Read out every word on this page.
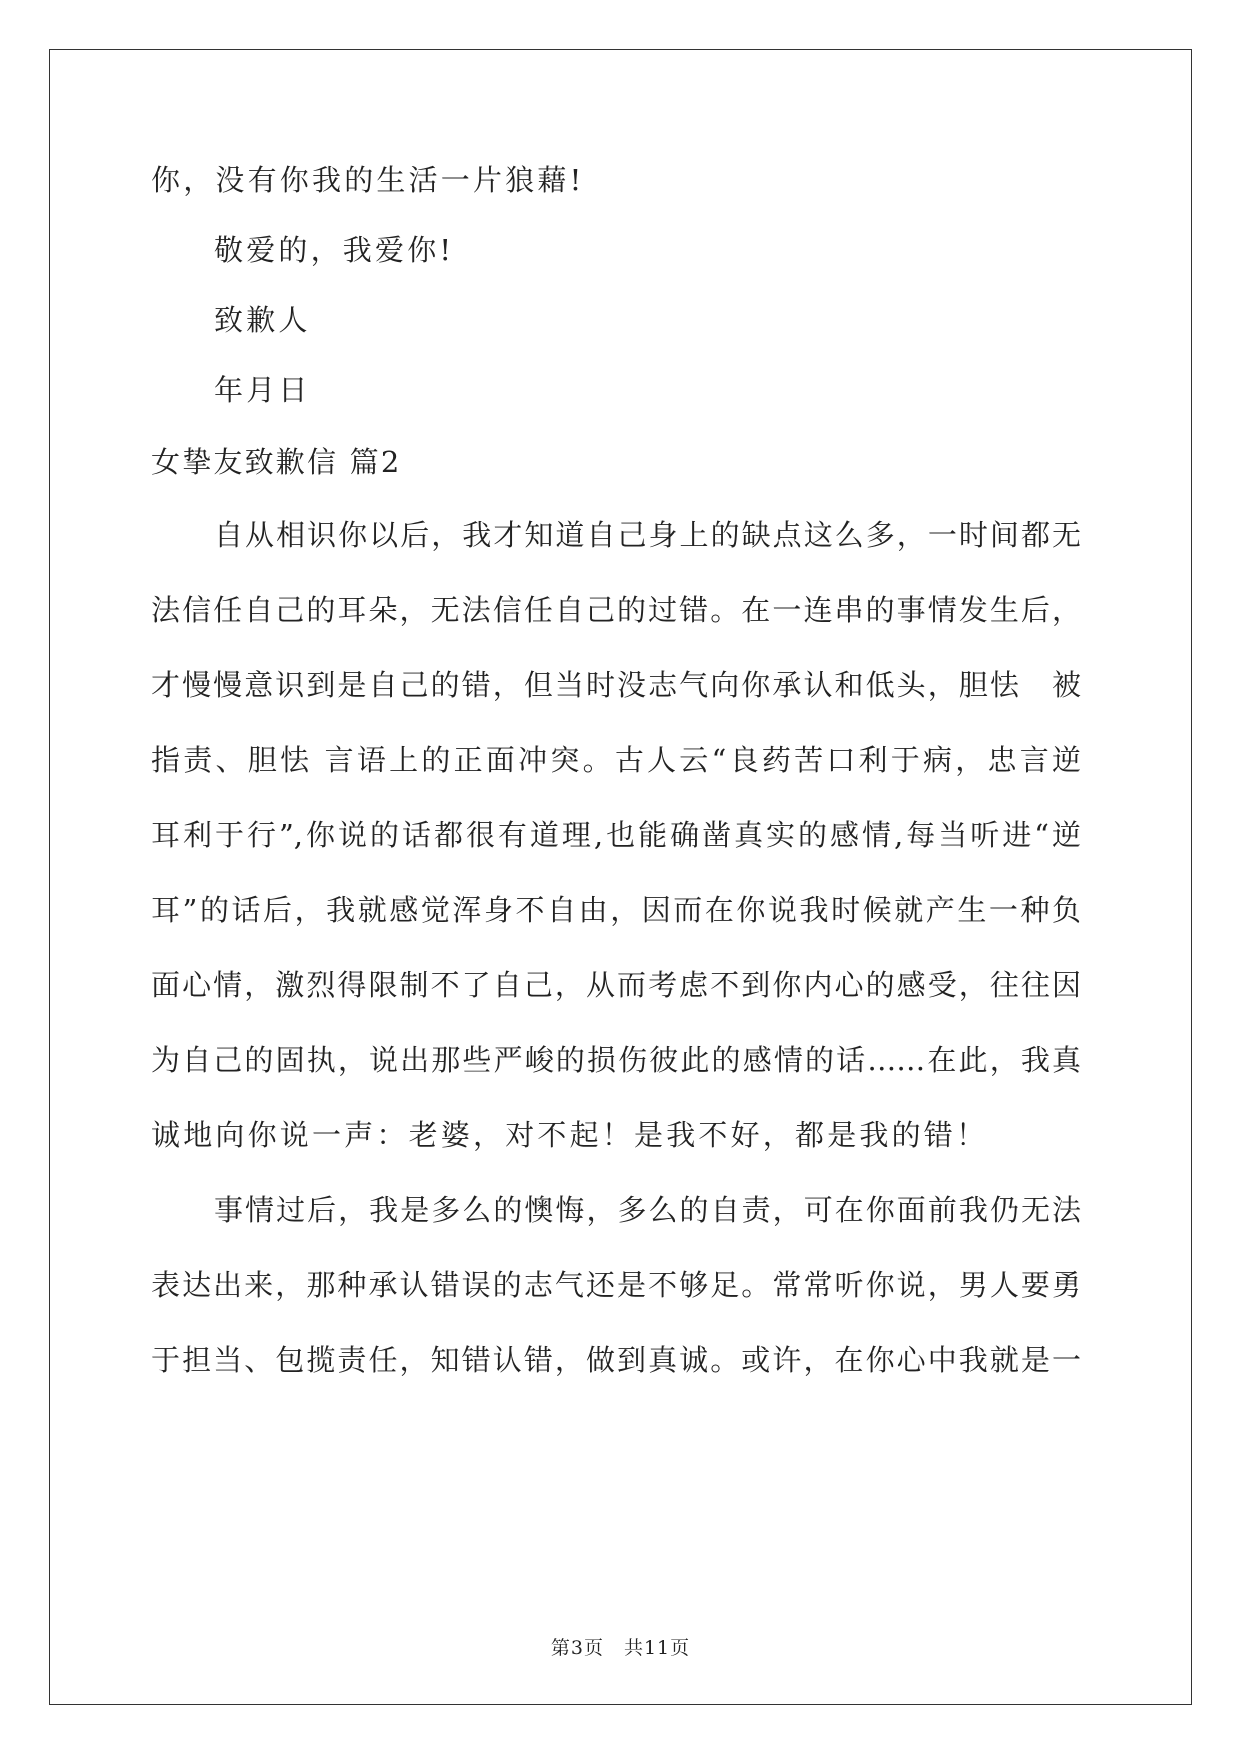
你，没有你我的生活一片狼藉!
敬爱的，我爱你!
致歉人
年月日
女挚友致歉信 篇2
自从相识你以后，我才知道自己身上的缺点这么多，一时间都无
法信任自己的耳朵，无法信任自己的过错。在一连串的事情发生后，
才慢慢意识到是自己的错，但当时没志气向你承认和低头，胆怯　被
指责、胆怯 言语上的正面冲突。古人云“良药苦口利于病，忠言逆
耳利于行”,你说的话都很有道理,也能确凿真实的感情,每当听进“逆
耳”的话后，我就感觉浑身不自由，因而在你说我时候就产生一种负
面心情，激烈得限制不了自己，从而考虑不到你内心的感受，往往因
为自己的固执，说出那些严峻的损伤彼此的感情的话……在此，我真
诚地向你说一声：老婆，对不起！是我不好，都是我的错！
事情过后，我是多么的懊悔，多么的自责，可在你面前我仍无法
表达出来，那种承认错误的志气还是不够足。常常听你说，男人要勇
于担当、包揽责任，知错认错，做到真诚。或许，在你心中我就是一
第3页 共11页
